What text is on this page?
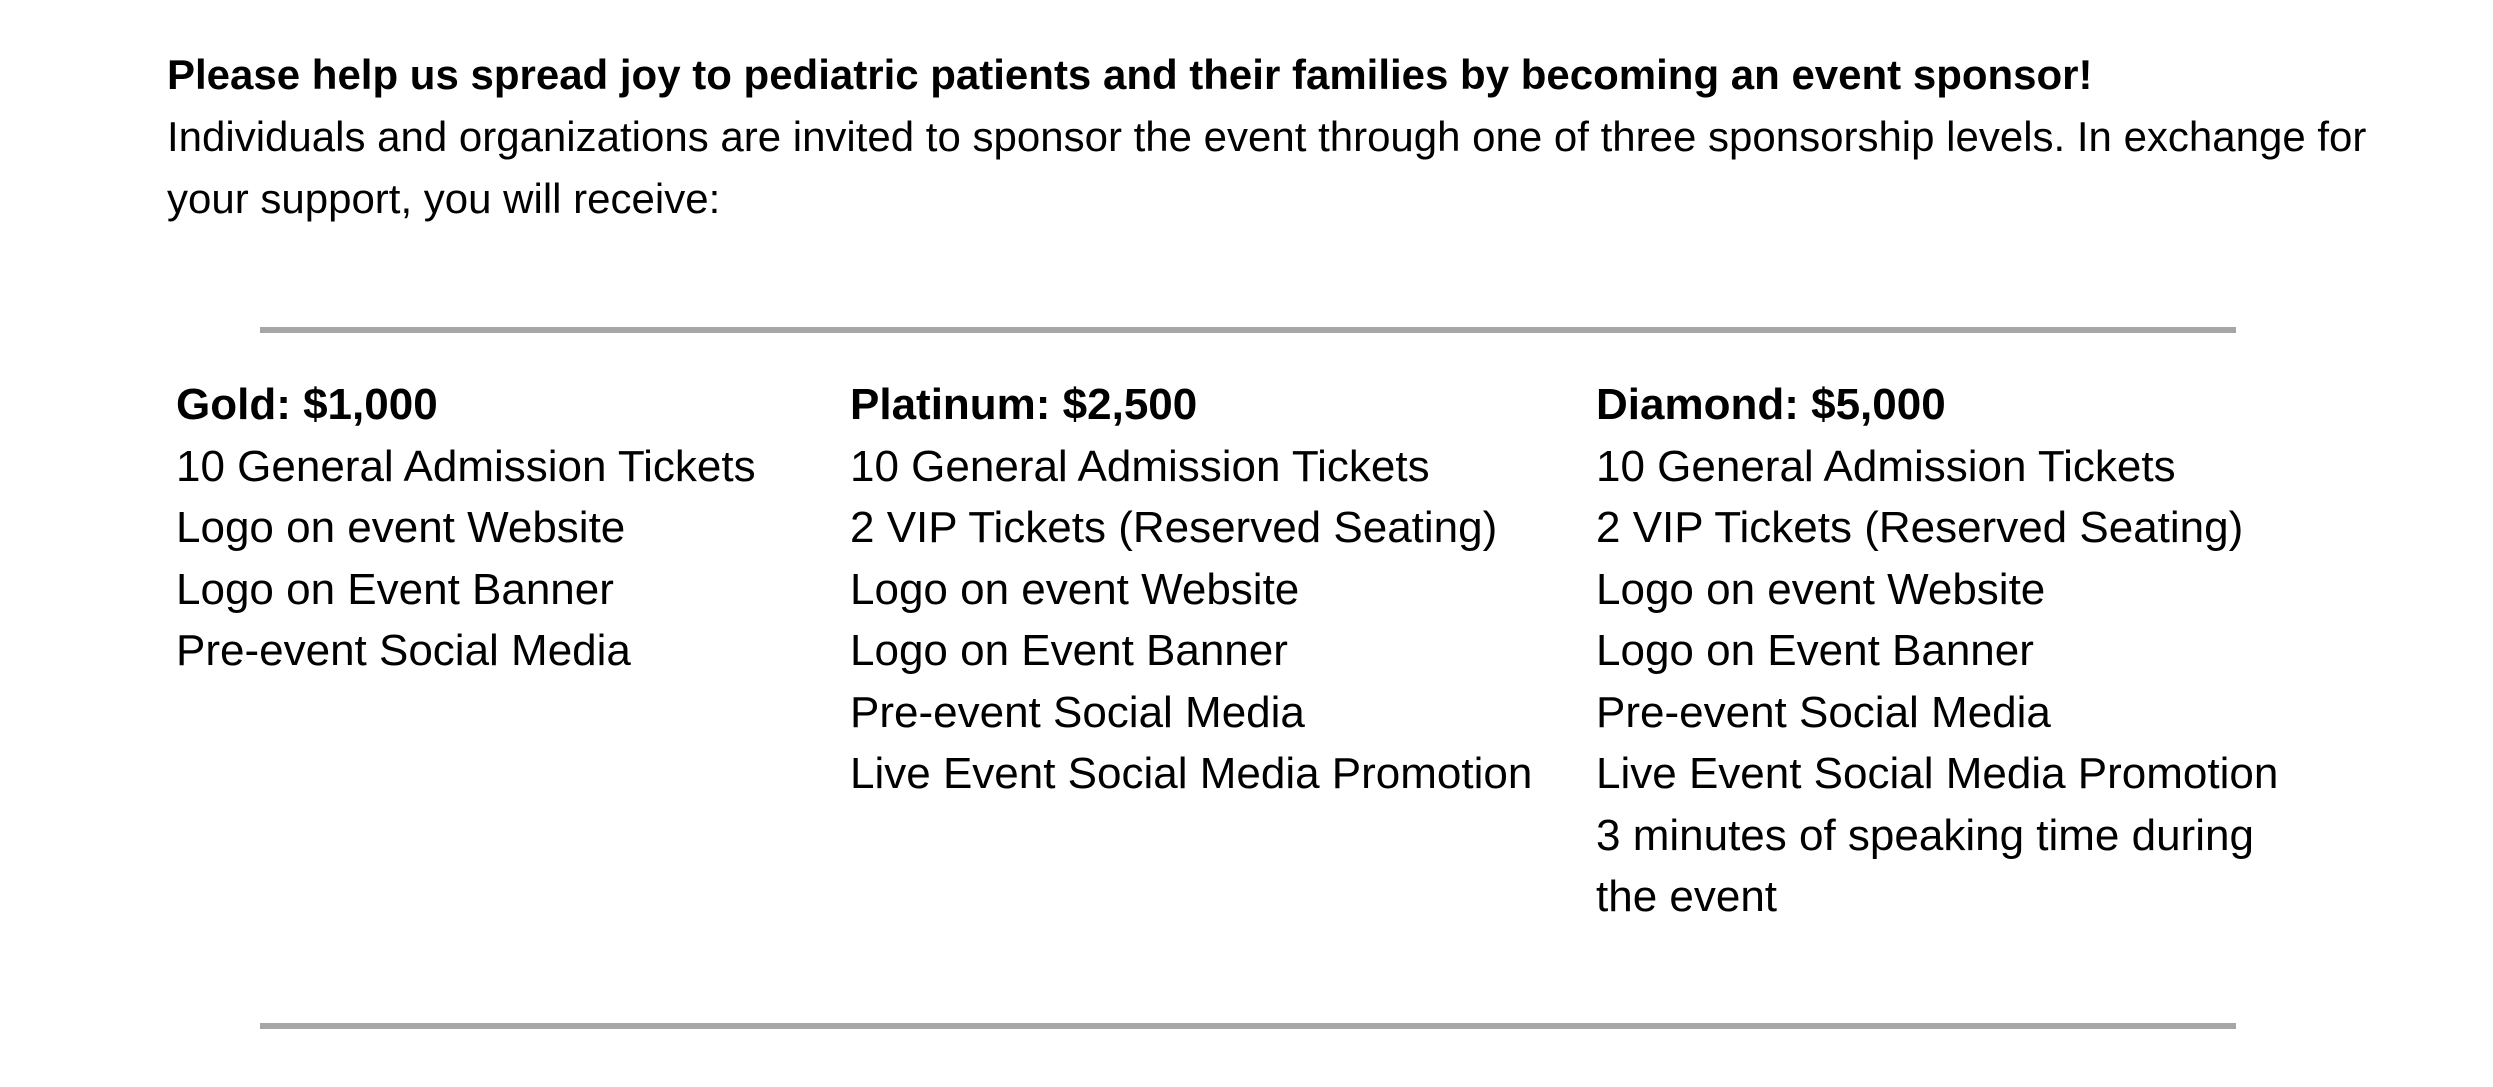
Please help us spread joy to pediatric patients and their families by becoming an event sponsor!
Individuals and organizations are invited to sponsor the event through one of three sponsorship levels. In exchange for your support, you will receive:
Gold: $1,000
10 General Admission Tickets
Logo on event Website
Logo on Event Banner
Pre-event Social Media
Platinum: $2,500
10 General Admission Tickets
2 VIP Tickets (Reserved Seating)
Logo on event Website
Logo on Event Banner
Pre-event Social Media
Live Event Social Media Promotion
Diamond: $5,000
10 General Admission Tickets
2 VIP Tickets (Reserved Seating)
Logo on event Website
Logo on Event Banner
Pre-event Social Media
Live Event Social Media Promotion
3 minutes of speaking time during the event
